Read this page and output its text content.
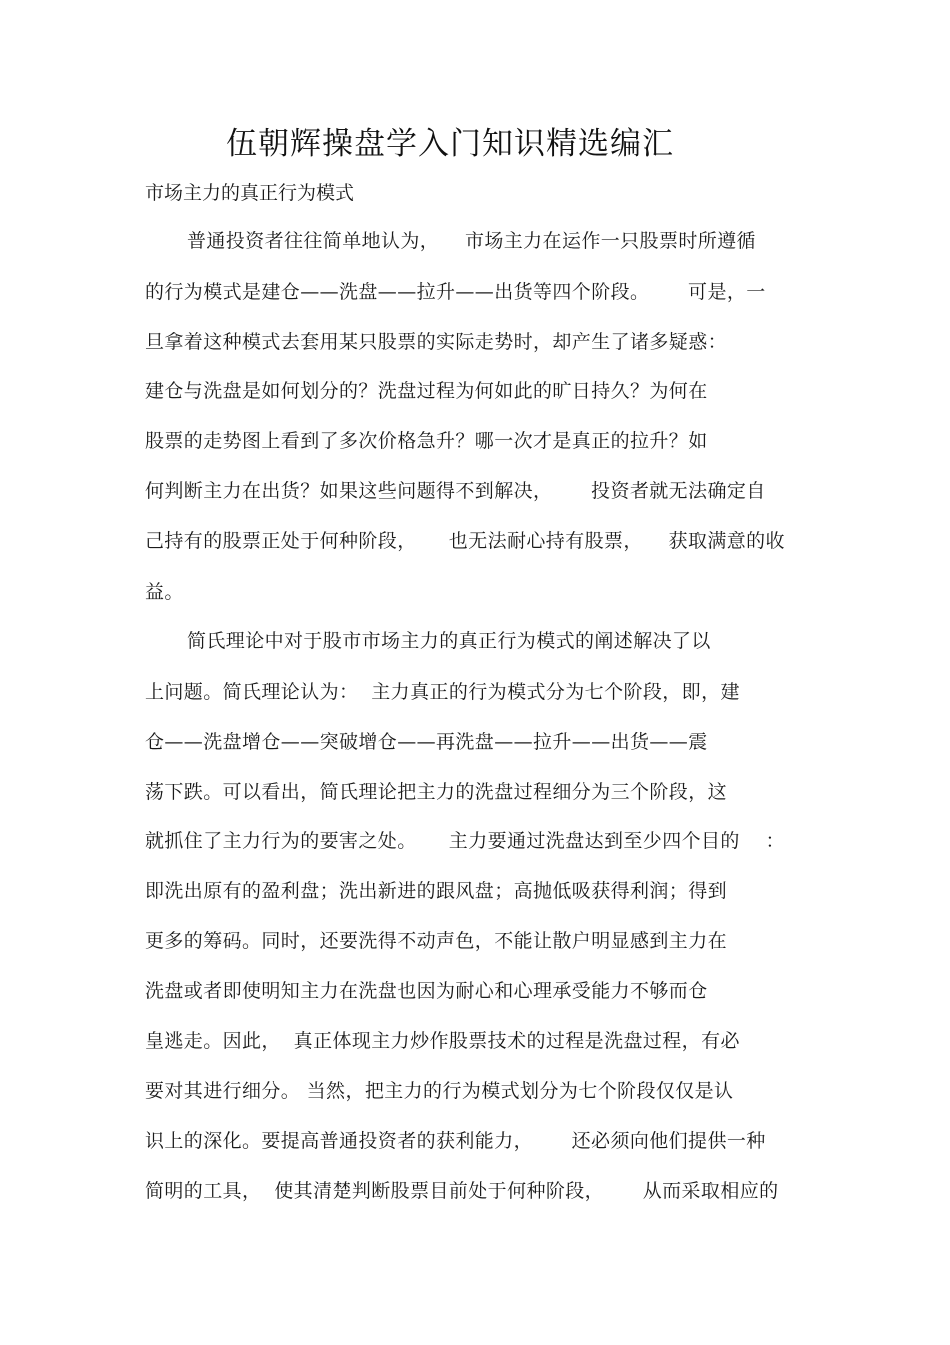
伍朝辉操盘学入门知识精选编汇
市场主力的真正行为模式
普通投资者往往简单地认为，    市场主力在运作一只股票时所遵循
的行为模式是建仓——洗盘——拉升——出货等四个阶段。      可是，一
旦拿着这种模式去套用某只股票的实际走势时，却产生了诸多疑惑：
建仓与洗盘是如何划分的？洗盘过程为何如此的旷日持久？为何在
股票的走势图上看到了多次价格急升？哪一次才是真正的拉升？如
何判断主力在出货？如果这些问题得不到解决，      投资者就无法确定自
己持有的股票正处于何种阶段，     也无法耐心持有股票，    获取满意的收
益。
简氏理论中对于股市市场主力的真正行为模式的阐述解决了以
上问题。简氏理论认为：  主力真正的行为模式分为七个阶段，即，建
仓——洗盘增仓——突破增仓——再洗盘——拉升——出货——震
荡下跌。可以看出，简氏理论把主力的洗盘过程细分为三个阶段，这
就抓住了主力行为的要害之处。     主力要通过洗盘达到至少四个目的    ：
即洗出原有的盈利盘；洗出新进的跟风盘；高抛低吸获得利润；得到
更多的筹码。同时，还要洗得不动声色，不能让散户明显感到主力在
洗盘或者即使明知主力在洗盘也因为耐心和心理承受能力不够而仓
皇逃走。因此，  真正体现主力炒作股票技术的过程是洗盘过程，有必
要对其进行细分。 当然，把主力的行为模式划分为七个阶段仅仅是认
识上的深化。要提高普通投资者的获利能力，      还必须向他们提供一种
简明的工具，  使其清楚判断股票目前处于何种阶段，      从而采取相应的
